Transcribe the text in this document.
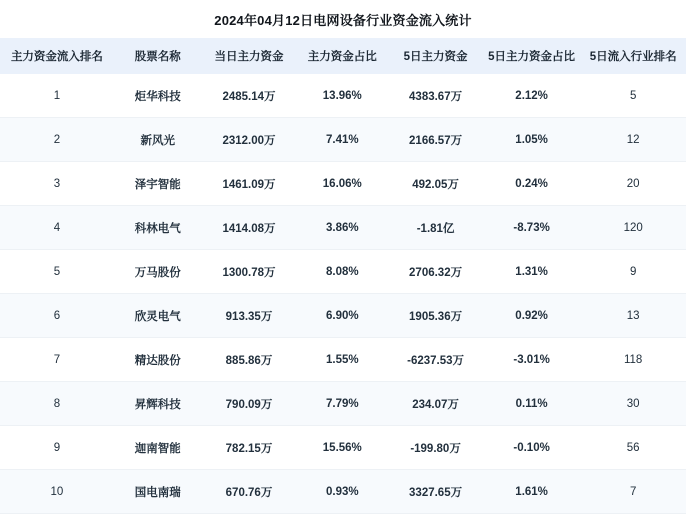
2024年04月12日电网设备行业资金流入统计
主力资金流入排名	股票名称	当日主力资金	主力资金占比	5日主力资金	5日主力资金占比	5日流入行业排名
1	炬华科技	2485.14万	13.96%	4383.67万	2.12%	5
2	新风光	2312.00万	7.41%	2166.57万	1.05%	12
3	泽宇智能	1461.09万	16.06%	492.05万	0.24%	20
4	科林电气	1414.08万	3.86%	-1.81亿	-8.73%	120
5	万马股份	1300.78万	8.08%	2706.32万	1.31%	9
6	欣灵电气	913.35万	6.90%	1905.36万	0.92%	13
7	精达股份	885.86万	1.55%	-6237.53万	-3.01%	118
8	昇辉科技	790.09万	7.79%	234.07万	0.11%	30
9	迦南智能	782.15万	15.56%	-199.80万	-0.10%	56
10	国电南瑞	670.76万	0.93%	3327.65万	1.61%	7
